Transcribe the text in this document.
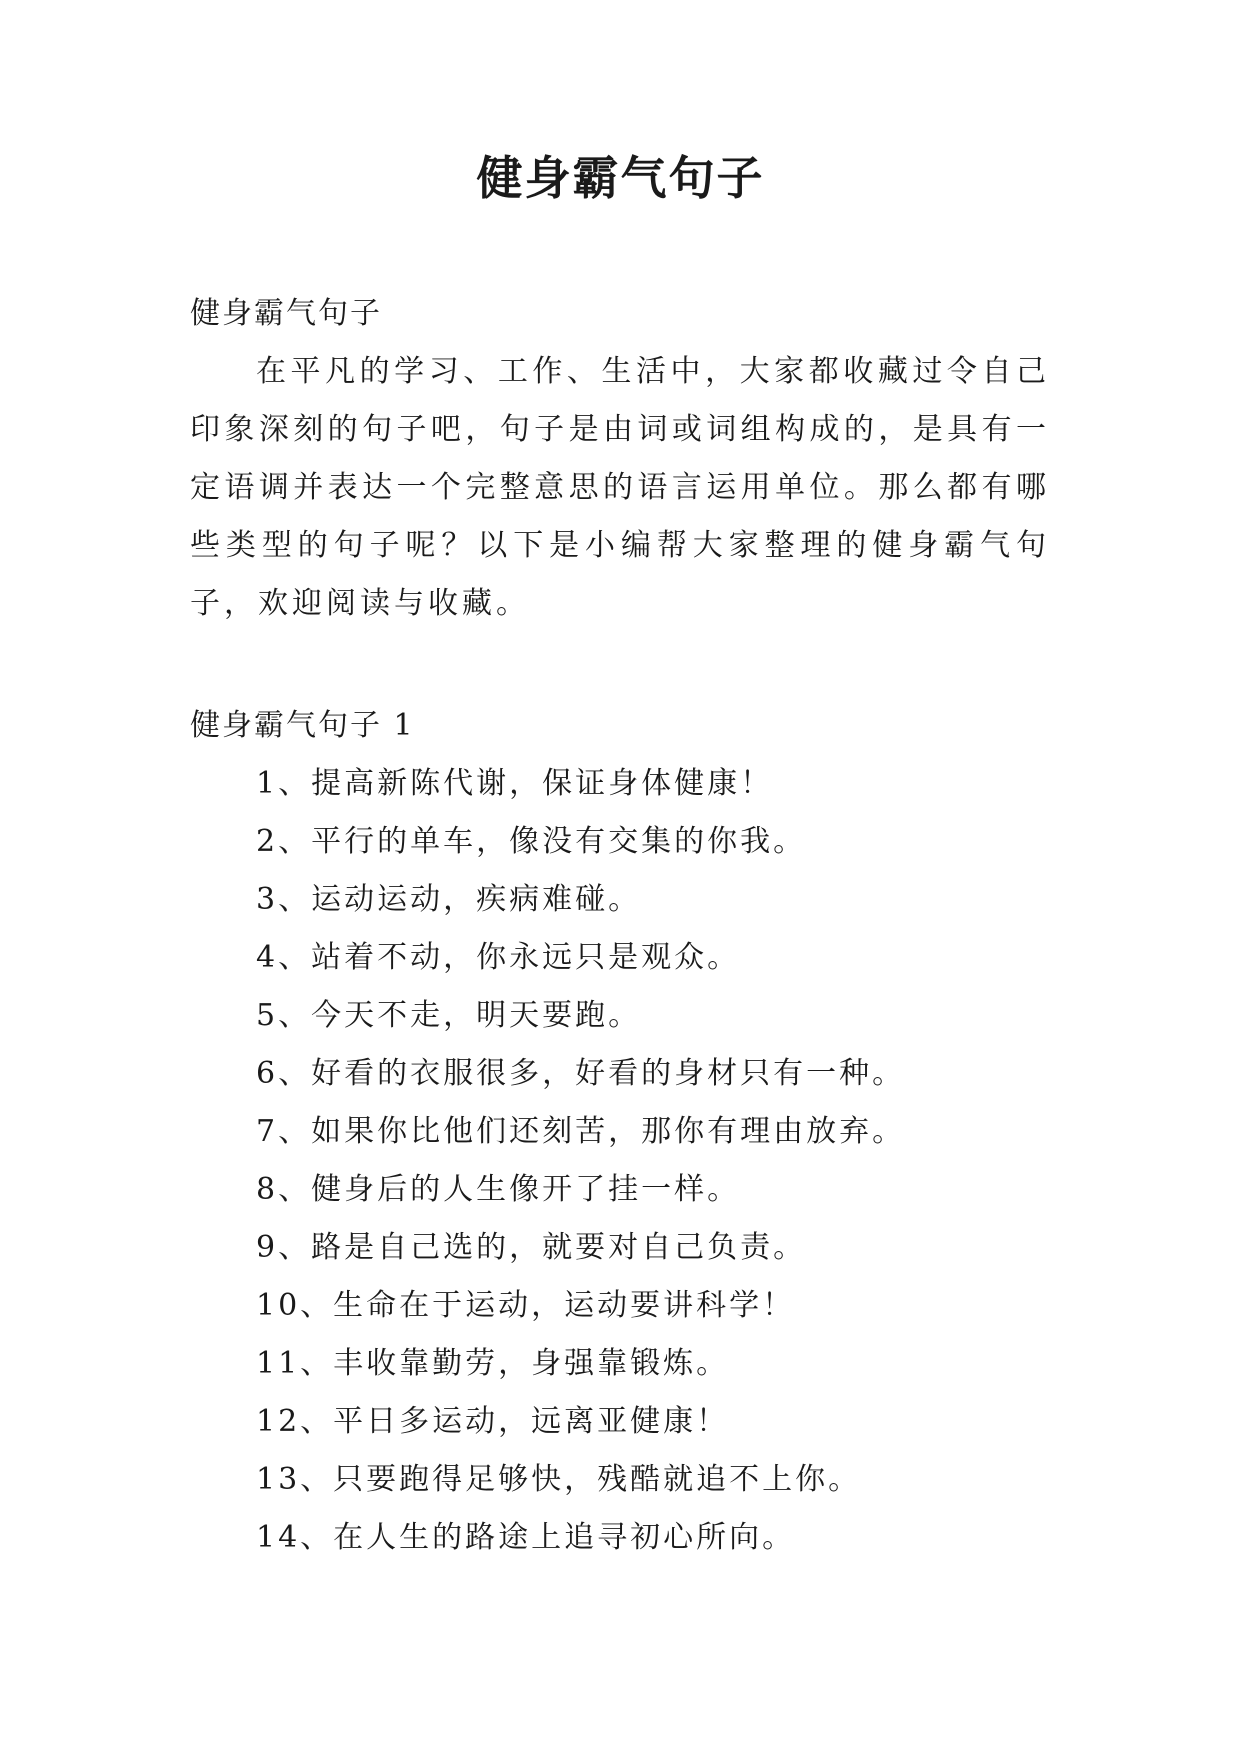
健身霸气句子
健身霸气句子

在平凡的学习、工作、生活中，大家都收藏过令自己印象深刻的句子吧，句子是由词或词组构成的，是具有一定语调并表达一个完整意思的语言运用单位。那么都有哪些类型的句子呢？以下是小编帮大家整理的健身霸气句子，欢迎阅读与收藏。

健身霸气句子 1
1、提高新陈代谢，保证身体健康！
2、平行的单车，像没有交集的你我。
3、运动运动，疾病难碰。
4、站着不动，你永远只是观众。
5、今天不走，明天要跑。
6、好看的衣服很多，好看的身材只有一种。
7、如果你比他们还刻苦，那你有理由放弃。
8、健身后的人生像开了挂一样。
9、路是自己选的，就要对自己负责。
10、生命在于运动，运动要讲科学！
11、丰收靠勤劳，身强靠锻炼。
12、平日多运动，远离亚健康！
13、只要跑得足够快，残酷就追不上你。
14、在人生的路途上追寻初心所向。
